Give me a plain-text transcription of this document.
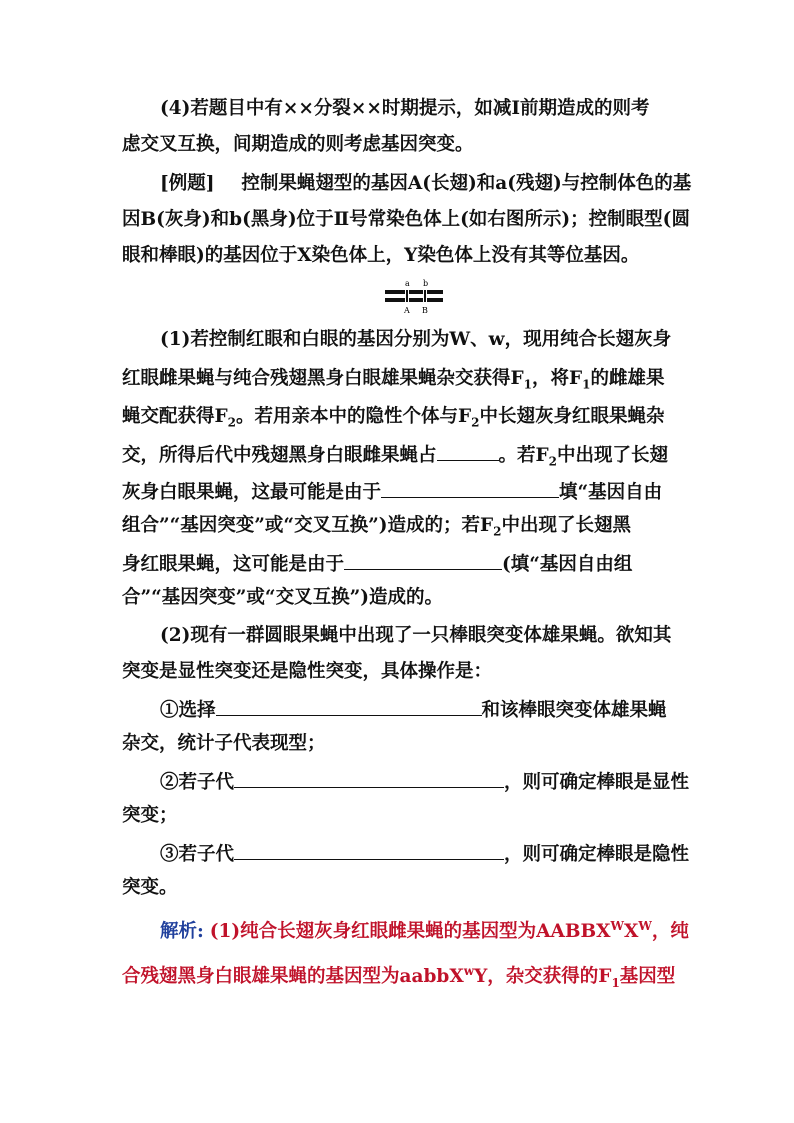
(4)若题目中有××分裂××时期提示，如减Ⅰ前期造成的则考
虑交叉互换，间期造成的则考虑基因突变。
[例题] 控制果蝇翅型的基因A(长翅)和a(残翅)与控制体色的基
因B(灰身)和b(黑身)位于Ⅱ号常染色体上(如右图所示)；控制眼型(圆
眼和棒眼)的基因位于X染色体上，Y染色体上没有其等位基因。
a b
A B
(1)若控制红眼和白眼的基因分别为W、w，现用纯合长翅灰身
红眼雌果蝇与纯合残翅黑身白眼雄果蝇杂交获得$F_1$，将$F_1$的雌雄果
蝇交配获得$F_2$。若用亲本中的隐性个体与$F_2$中长翅灰身红眼果蝇杂
交，所得后代中残翅黑身白眼雌果蝇占	。若$F_2$中出现了长翅
灰身白眼果蝇，这最可能是由于	填“基因自由
组合”“基因突变”或“交叉互换”)造成的；若$F_2$中出现了长翅黑
身红眼果蝇，这可能是由于	(填“基因自由组
合”“基因突变”或“交叉互换”)造成的。
(2)现有一群圆眼果蝇中出现了一只棒眼突变体雄果蝇。欲知其
突变是显性突变还是隐性突变，具体操作是：
①选择	和该棒眼突变体雄果蝇
杂交，统计子代表现型；
②若子代	，则可确定棒眼是显性
突变；
③若子代	，则可确定棒眼是隐性
突变。
解析: (1)纯合长翅灰身红眼雌果蝇的基因型为$AABBX^WX^W$，纯
合残翅黑身白眼雄果蝇的基因型为aabbX$^w$Y，杂交获得的$F_1$基因型
